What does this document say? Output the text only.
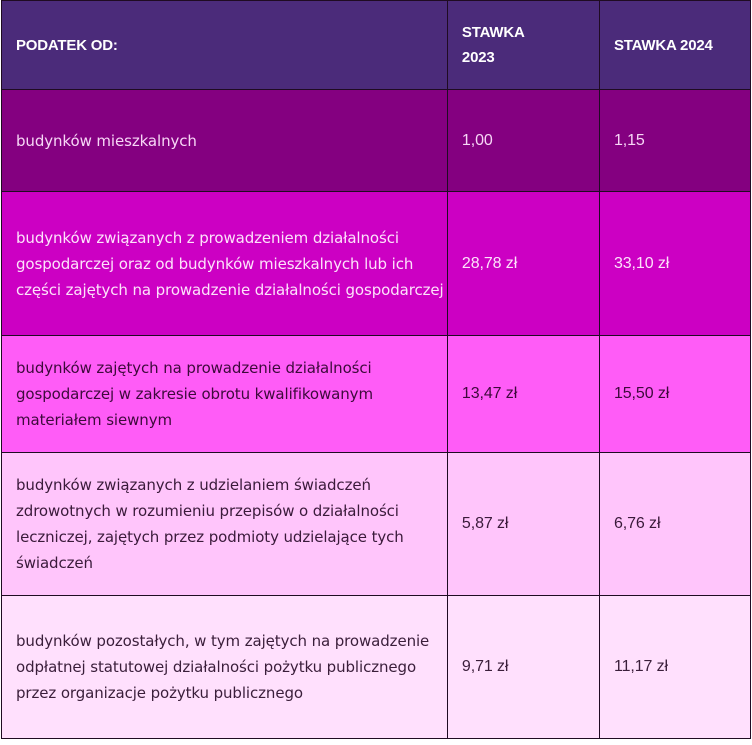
PODATEK OD:	STAWKA 2023	STAWKA 2024
budynków mieszkalnych	1,00	1,15
budynków związanych z prowadzeniem działalności gospodarczej oraz od budynków mieszkalnych lub ich części zajętych na prowadzenie działalności gospodarczej	28,78 zł	33,10 zł
budynków zajętych na prowadzenie działalności gospodarczej w zakresie obrotu kwalifikowanym materiałem siewnym	13,47 zł	15,50 zł
budynków związanych z udzielaniem świadczeń zdrowotnych w rozumieniu przepisów o działalności leczniczej, zajętych przez podmioty udzielające tych świadczeń	5,87 zł	6,76 zł
budynków pozostałych, w tym zajętych na prowadzenie odpłatnej statutowej działalności pożytku publicznego przez organizacje pożytku publicznego	9,71 zł	11,17 zł
